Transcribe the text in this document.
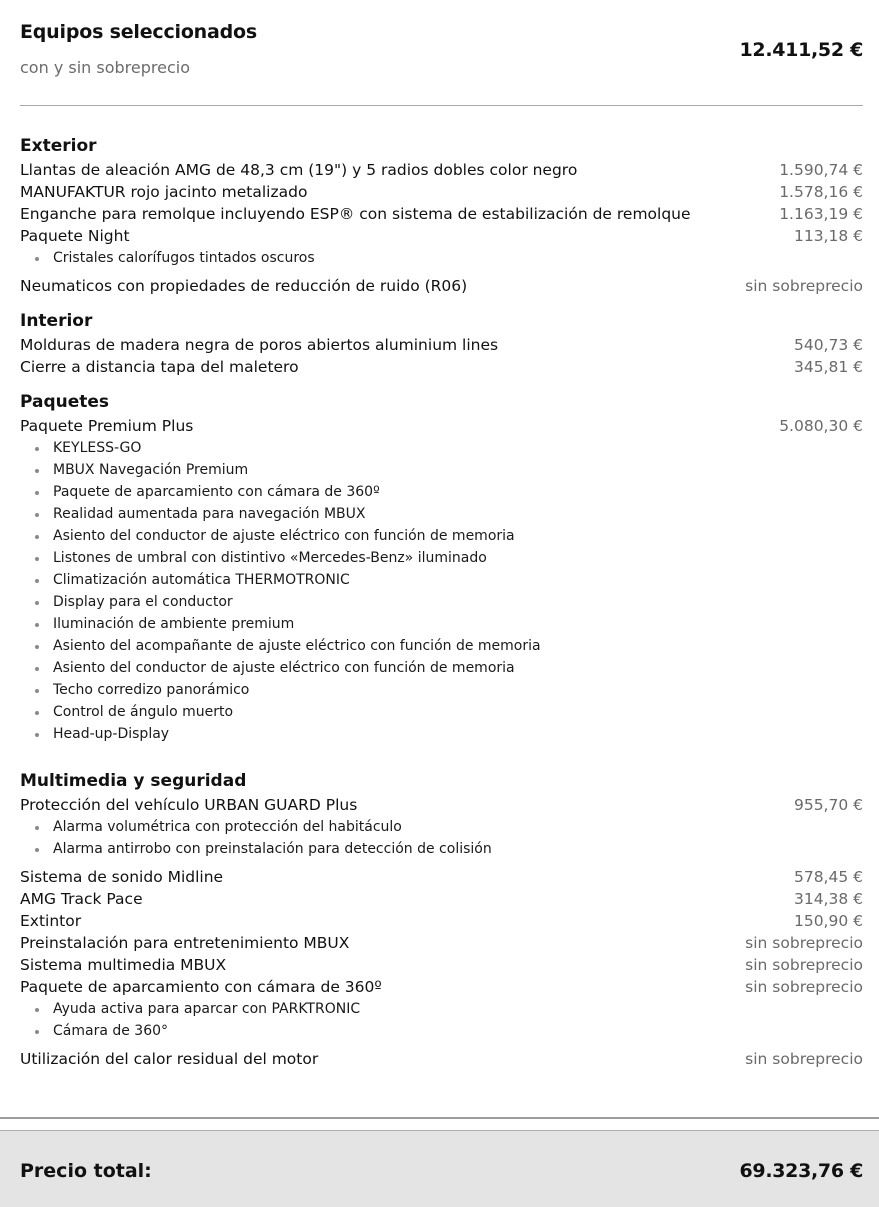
Equipos seleccionados
con y sin sobreprecio
12.411,52 €
Exterior
Llantas de aleación AMG de 48,3 cm (19") y 5 radios dobles color negro	1.590,74 €
MANUFAKTUR rojo jacinto metalizado	1.578,16 €
Enganche para remolque incluyendo ESP® con sistema de estabilización de remolque	1.163,19 €
Paquete Night	113,18 €
Cristales calorífugos tintados oscuros
Neumaticos con propiedades de reducción de ruido (R06)	sin sobreprecio
Interior
Molduras de madera negra de poros abiertos aluminium lines	540,73 €
Cierre a distancia tapa del maletero	345,81 €
Paquetes
Paquete Premium Plus	5.080,30 €
KEYLESS-GO
MBUX Navegación Premium
Paquete de aparcamiento con cámara de 360º
Realidad aumentada para navegación MBUX
Asiento del conductor de ajuste eléctrico con función de memoria
Listones de umbral con distintivo «Mercedes-Benz» iluminado
Climatización automática THERMOTRONIC
Display para el conductor
Iluminación de ambiente premium
Asiento del acompañante de ajuste eléctrico con función de memoria
Asiento del conductor de ajuste eléctrico con función de memoria
Techo corredizo panorámico
Control de ángulo muerto
Head-up-Display
Multimedia y seguridad
Protección del vehículo URBAN GUARD Plus	955,70 €
Alarma volumétrica con protección del habitáculo
Alarma antirrobo con preinstalación para detección de colisión
Sistema de sonido Midline	578,45 €
AMG Track Pace	314,38 €
Extintor	150,90 €
Preinstalación para entretenimiento MBUX	sin sobreprecio
Sistema multimedia MBUX	sin sobreprecio
Paquete de aparcamiento con cámara de 360º	sin sobreprecio
Ayuda activa para aparcar con PARKTRONIC
Cámara de 360°
Utilización del calor residual del motor	sin sobreprecio
Precio total:	69.323,76 €
